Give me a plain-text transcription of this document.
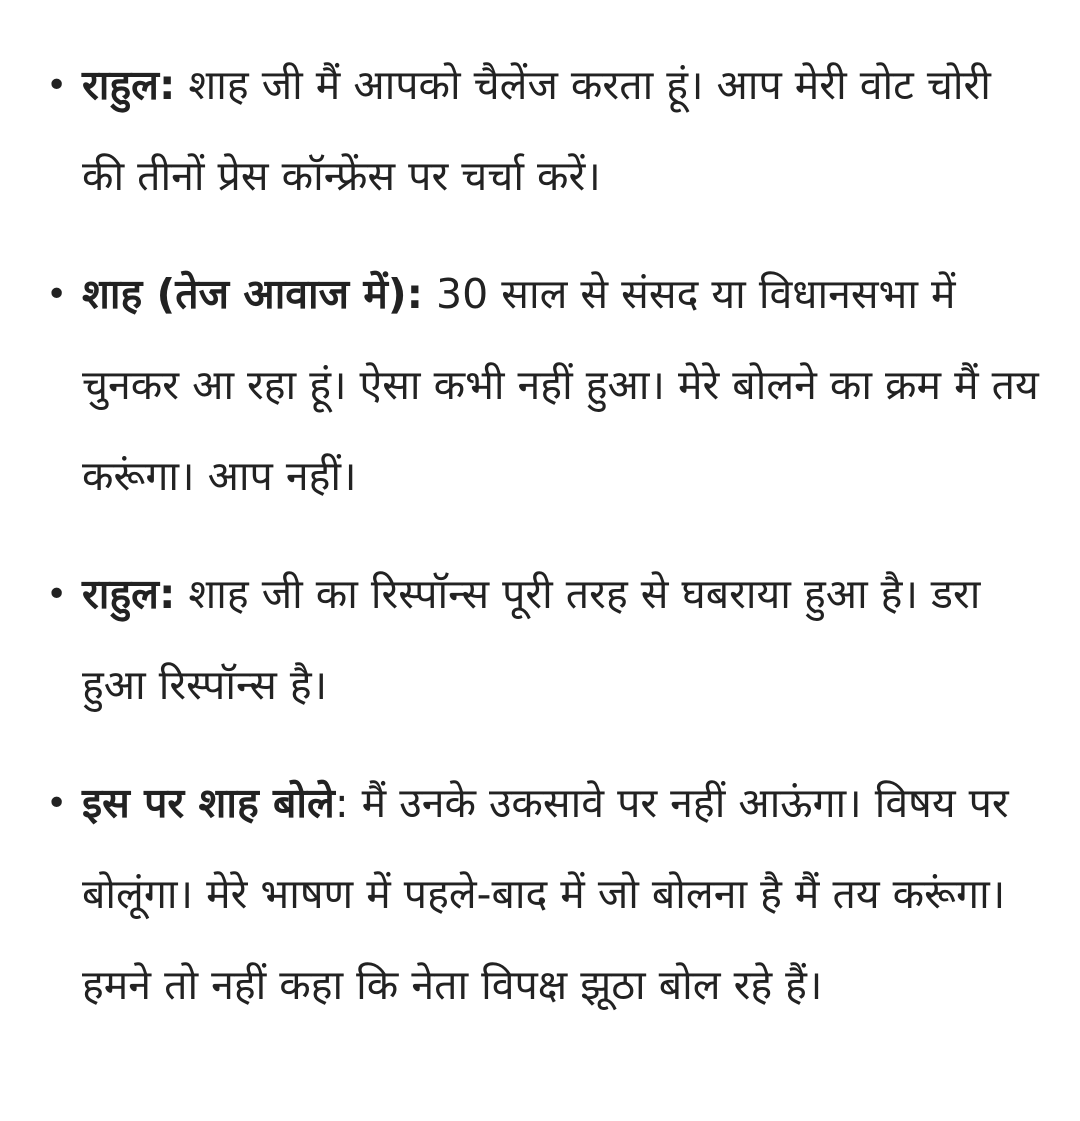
• राहुल: शाह जी मैं आपको चैलेंज करता हूं। आप मेरी वोट चोरी की तीनों प्रेस कॉन्फ्रेंस पर चर्चा करें।
• शाह (तेज आवाज में): 30 साल से संसद या विधानसभा में चुनकर आ रहा हूं। ऐसा कभी नहीं हुआ। मेरे बोलने का क्रम मैं तय करूंगा। आप नहीं।
• राहुल: शाह जी का रिस्पॉन्स पूरी तरह से घबराया हुआ है। डरा हुआ रिस्पॉन्स है।
• इस पर शाह बोले: मैं उनके उकसावे पर नहीं आऊंगा। विषय पर बोलूंगा। मेरे भाषण में पहले-बाद में जो बोलना है मैं तय करूंगा। हमने तो नहीं कहा कि नेता विपक्ष झूठा बोल रहे हैं।
